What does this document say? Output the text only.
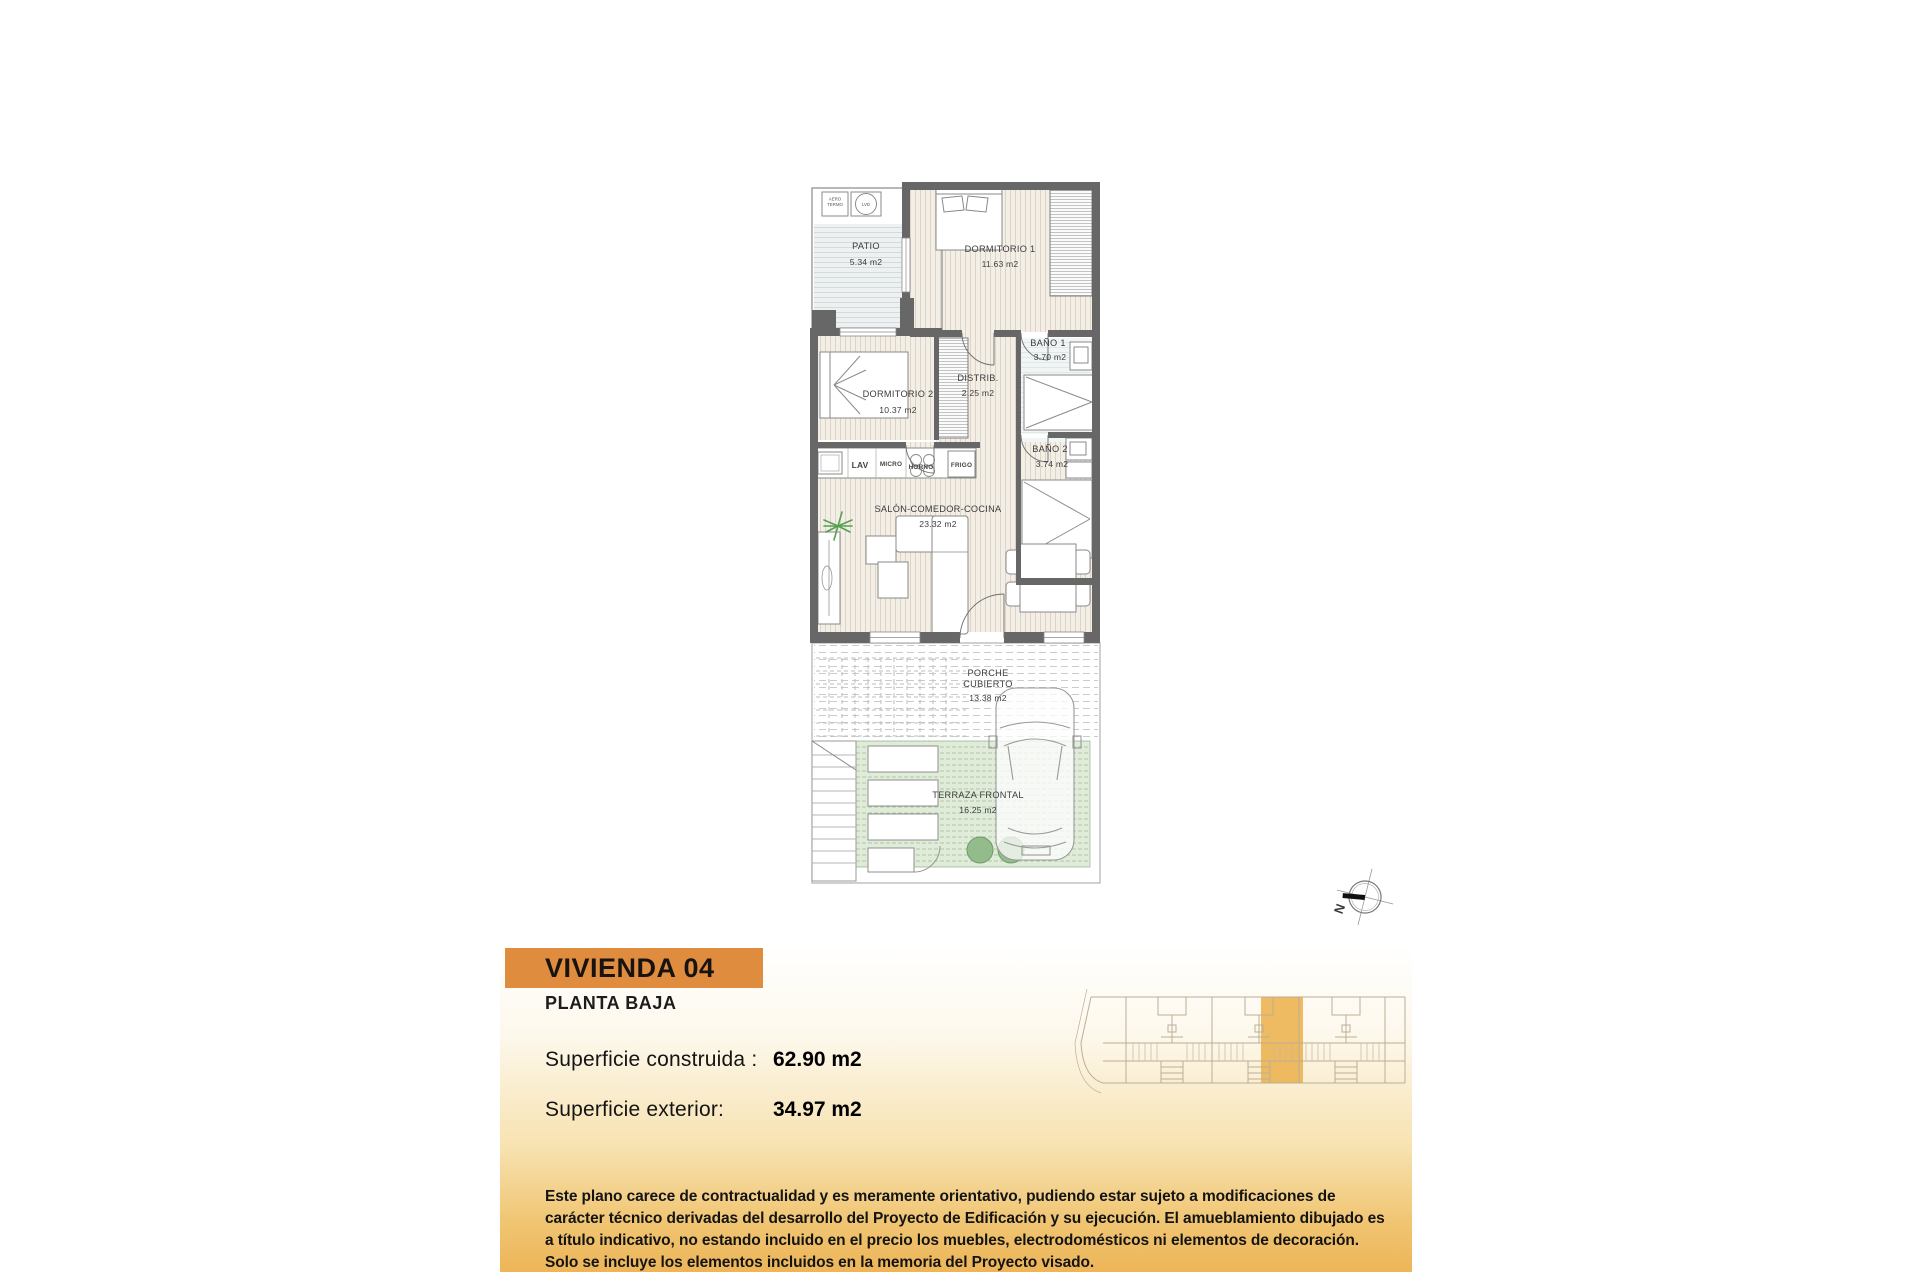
AERO TERMO	LVD
LAV MICRO HORNO	FRIGO
PATIO
5.34 m2
DORMITORIO 1
11.63 m2
BAÑO 1
3.70 m2
DISTRIB.
2.25 m2
DORMITORIO 2
10.37 m2
BAÑO 2
3.74 m2
SALÓN-COMEDOR-COCINA
23.32 m2
PORCHE CUBIERTO
13.38 m2
TERRAZA FRONTAL
16.25 m2
N
VIVIENDA 04
PLANTA BAJA
Superficie construida : 62.90 m2
Superficie exterior: 34.97 m2
Este plano carece de contractualidad y es meramente orientativo, pudiendo estar sujeto a modificaciones de carácter técnico derivadas del desarrollo del Proyecto de Edificación y su ejecución. El amueblamiento dibujado es a título indicativo, no estando incluido en el precio los muebles, electrodomésticos ni elementos de decoración. Solo se incluye los elementos incluidos en la memoria del Proyecto visado.
